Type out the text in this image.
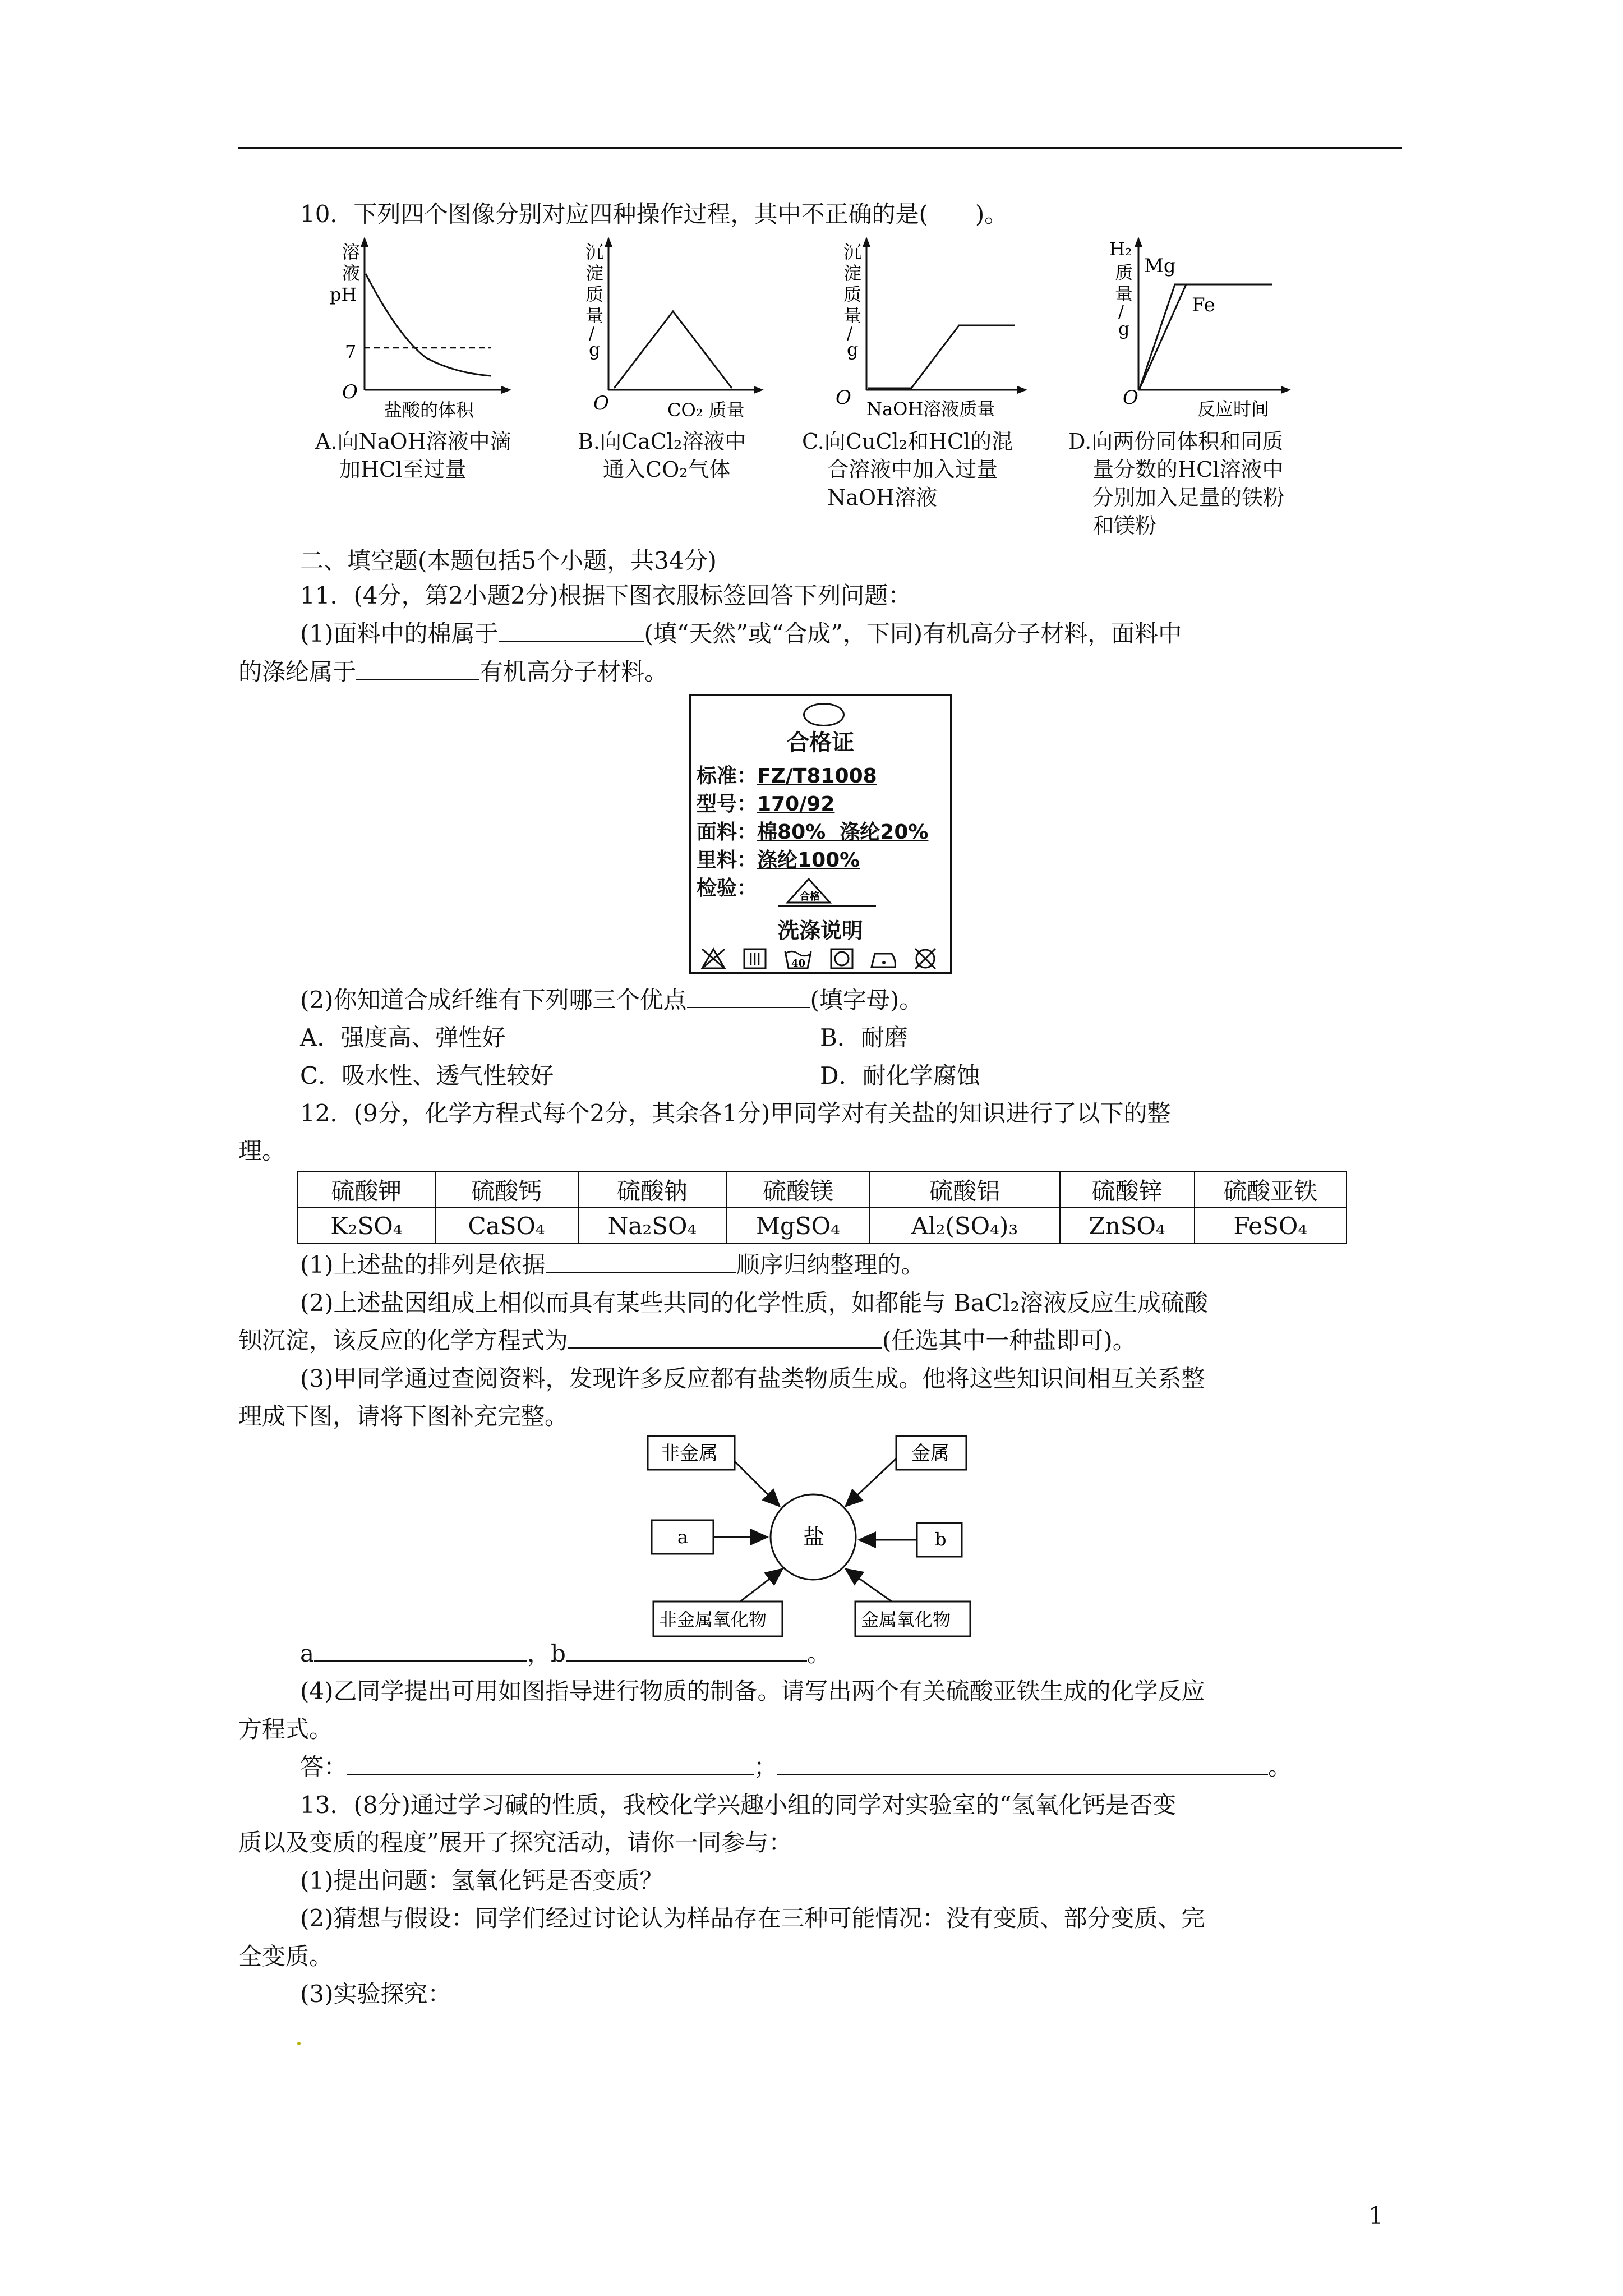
10．下列四个图像分别对应四种操作过程，其中不正确的是(　　)。
溶
液
pH
7
O
盐酸的体积
A.向NaOH溶液中滴
加HCl至过量
沉
淀
质
量
/
g
O	CO₂ 质量
B.向CaCl₂溶液中
通入CO₂气体
沉
淀
质
量
/
g
O NaOH溶液质量
C.向CuCl₂和HCl的混
合溶液中加入过量
NaOH溶液
H₂
质
量
/
g
O	反应时间
Mg
Fe
D.向两份同体积和同质
量分数的HCl溶液中
分别加入足量的铁粉
和镁粉
二、填空题(本题包括5个小题，共34分)
11．(4分，第2小题2分)根据下图衣服标签回答下列问题：
(1)面料中的棉属于	(填“天然”或“合成”，下同)有机高分子材料，面料中
的涤纶属于	有机高分子材料。
合格证
标准：FZ/T81008
型号：170/92
面料：棉80% 涤纶20%
里料：涤纶100%
检验：	合格
洗涤说明
40
(2)你知道合成纤维有下列哪三个优点	(填字母)。
A．强度高、弹性好	B．耐磨
C．吸水性、透气性较好	D．耐化学腐蚀
12．(9分，化学方程式每个2分，其余各1分)甲同学对有关盐的知识进行了以下的整
理。
硫酸钾	硫酸钙	硫酸钠	硫酸镁	硫酸铝	硫酸锌	硫酸亚铁
K₂SO₄	CaSO₄	Na₂SO₄	MgSO₄	Al₂(SO₄)₃	ZnSO₄	FeSO₄
(1)上述盐的排列是依据	顺序归纳整理的。
(2)上述盐因组成上相似而具有某些共同的化学性质，如都能与 BaCl₂溶液反应生成硫酸
钡沉淀，该反应的化学方程式为	(任选其中一种盐即可)。
(3)甲同学通过查阅资料，发现许多反应都有盐类物质生成。他将这些知识间相互关系整
理成下图，请将下图补充完整。
盐
非金属	金属
a	b
非金属氧化物	金属氧化物
a	，b	。
(4)乙同学提出可用如图指导进行物质的制备。请写出两个有关硫酸亚铁生成的化学反应
方程式。
答：	；	。
13．(8分)通过学习碱的性质，我校化学兴趣小组的同学对实验室的“氢氧化钙是否变
质以及变质的程度”展开了探究活动，请你一同参与：
(1)提出问题：氢氧化钙是否变质？
(2)猜想与假设：同学们经过讨论认为样品存在三种可能情况：没有变质、部分变质、完
全变质。
(3)实验探究：
1
